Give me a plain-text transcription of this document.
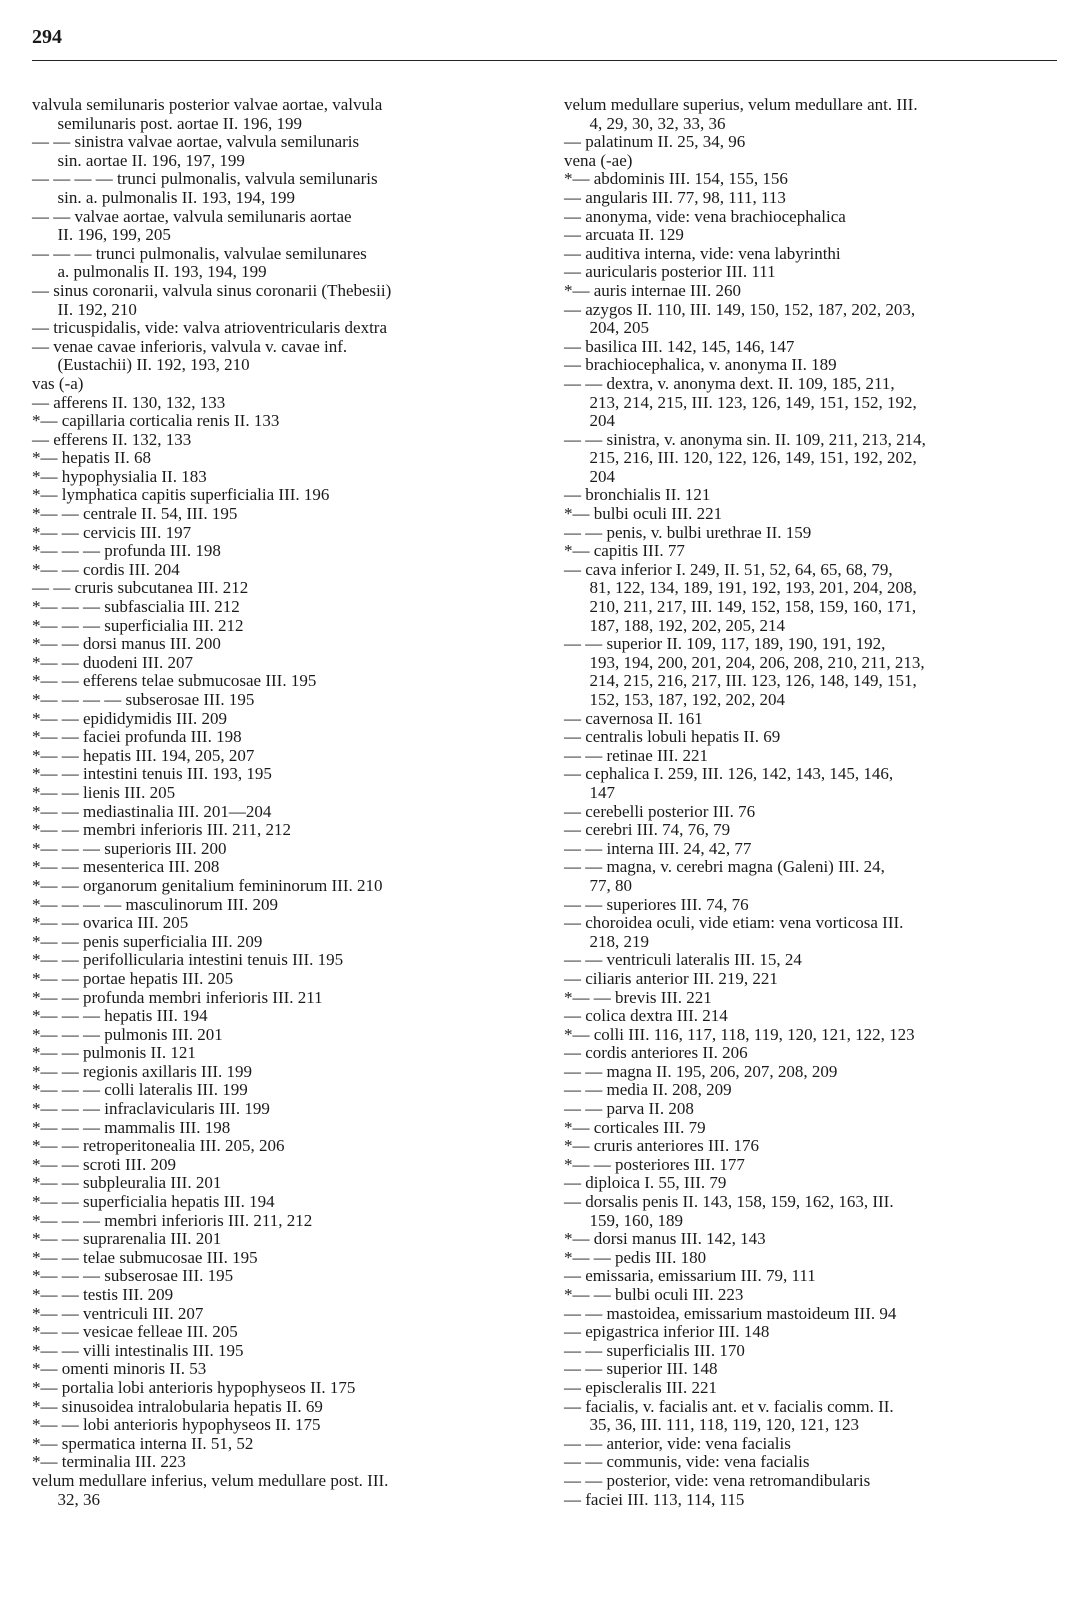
294
valvula semilunaris posterior valvae aortae, valvula
semilunaris post. aortae II. 196, 199
— — sinistra valvae aortae, valvula semilunaris
sin. aortae II. 196, 197, 199
— — — — trunci pulmonalis, valvula semilunaris
sin. a. pulmonalis II. 193, 194, 199
— — valvae aortae, valvula semilunaris aortae
II. 196, 199, 205
— — — trunci pulmonalis, valvulae semilunares
a. pulmonalis II. 193, 194, 199
— sinus coronarii, valvula sinus coronarii (Thebesii)
II. 192, 210
— tricuspidalis, vide: valva atrioventricularis dextra
— venae cavae inferioris, valvula v. cavae inf.
(Eustachii) II. 192, 193, 210
vas (-a)
— afferens II. 130, 132, 133
*— capillaria corticalia renis II. 133
— efferens II. 132, 133
*— hepatis II. 68
*— hypophysialia II. 183
*— lymphatica capitis superficialia III. 196
*— — centrale II. 54, III. 195
*— — cervicis III. 197
*— — — profunda III. 198
*— — cordis III. 204
— — cruris subcutanea III. 212
*— — — subfascialia III. 212
*— — — superficialia III. 212
*— — dorsi manus III. 200
*— — duodeni III. 207
*— — efferens telae submucosae III. 195
*— — — — subserosae III. 195
*— — epididymidis III. 209
*— — faciei profunda III. 198
*— — hepatis III. 194, 205, 207
*— — intestini tenuis III. 193, 195
*— — lienis III. 205
*— — mediastinalia III. 201—204
*— — membri inferioris III. 211, 212
*— — — superioris III. 200
*— — mesenterica III. 208
*— — organorum genitalium femininorum III. 210
*— — — — masculinorum III. 209
*— — ovarica III. 205
*— — penis superficialia III. 209
*— — perifollicularia intestini tenuis III. 195
*— — portae hepatis III. 205
*— — profunda membri inferioris III. 211
*— — — hepatis III. 194
*— — — pulmonis III. 201
*— — pulmonis II. 121
*— — regionis axillaris III. 199
*— — — colli lateralis III. 199
*— — — infraclavicularis III. 199
*— — — mammalis III. 198
*— — retroperitonealia III. 205, 206
*— — scroti III. 209
*— — subpleuralia III. 201
*— — superficialia hepatis III. 194
*— — — membri inferioris III. 211, 212
*— — suprarenalia III. 201
*— — telae submucosae III. 195
*— — — subserosae III. 195
*— — testis III. 209
*— — ventriculi III. 207
*— — vesicae felleae III. 205
*— — villi intestinalis III. 195
*— omenti minoris II. 53
*— portalia lobi anterioris hypophyseos II. 175
*— sinusoidea intralobularia hepatis II. 69
*— — lobi anterioris hypophyseos II. 175
*— spermatica interna II. 51, 52
*— terminalia III. 223
velum medullare inferius, velum medullare post. III.
32, 36
velum medullare superius, velum medullare ant. III.
4, 29, 30, 32, 33, 36
— palatinum II. 25, 34, 96
vena (-ae)
*— abdominis III. 154, 155, 156
— angularis III. 77, 98, 111, 113
— anonyma, vide: vena brachiocephalica
— arcuata II. 129
— auditiva interna, vide: vena labyrinthi
— auricularis posterior III. 111
*— auris internae III. 260
— azygos II. 110, III. 149, 150, 152, 187, 202, 203,
204, 205
— basilica III. 142, 145, 146, 147
— brachiocephalica, v. anonyma II. 189
— — dextra, v. anonyma dext. II. 109, 185, 211,
213, 214, 215, III. 123, 126, 149, 151, 152, 192,
204
— — sinistra, v. anonyma sin. II. 109, 211, 213, 214,
215, 216, III. 120, 122, 126, 149, 151, 192, 202,
204
— bronchialis II. 121
*— bulbi oculi III. 221
— — penis, v. bulbi urethrae II. 159
*— capitis III. 77
— cava inferior I. 249, II. 51, 52, 64, 65, 68, 79,
81, 122, 134, 189, 191, 192, 193, 201, 204, 208,
210, 211, 217, III. 149, 152, 158, 159, 160, 171,
187, 188, 192, 202, 205, 214
— — superior II. 109, 117, 189, 190, 191, 192,
193, 194, 200, 201, 204, 206, 208, 210, 211, 213,
214, 215, 216, 217, III. 123, 126, 148, 149, 151,
152, 153, 187, 192, 202, 204
— cavernosa II. 161
— centralis lobuli hepatis II. 69
— — retinae III. 221
— cephalica I. 259, III. 126, 142, 143, 145, 146,
147
— cerebelli posterior III. 76
— cerebri III. 74, 76, 79
— — interna III. 24, 42, 77
— — magna, v. cerebri magna (Galeni) III. 24,
77, 80
— — superiores III. 74, 76
— choroidea oculi, vide etiam: vena vorticosa III.
218, 219
— — ventriculi lateralis III. 15, 24
— ciliaris anterior III. 219, 221
*— — brevis III. 221
— colica dextra III. 214
*— colli III. 116, 117, 118, 119, 120, 121, 122, 123
— cordis anteriores II. 206
— — magna II. 195, 206, 207, 208, 209
— — media II. 208, 209
— — parva II. 208
*— corticales III. 79
*— cruris anteriores III. 176
*— — posteriores III. 177
— diploica I. 55, III. 79
— dorsalis penis II. 143, 158, 159, 162, 163, III.
159, 160, 189
*— dorsi manus III. 142, 143
*— — pedis III. 180
— emissaria, emissarium III. 79, 111
*— — bulbi oculi III. 223
— — mastoidea, emissarium mastoideum III. 94
— epigastrica inferior III. 148
— — superficialis III. 170
— — superior III. 148
— episcleralis III. 221
— facialis, v. facialis ant. et v. facialis comm. II.
35, 36, III. 111, 118, 119, 120, 121, 123
— — anterior, vide: vena facialis
— — communis, vide: vena facialis
— — posterior, vide: vena retromandibularis
— faciei III. 113, 114, 115
